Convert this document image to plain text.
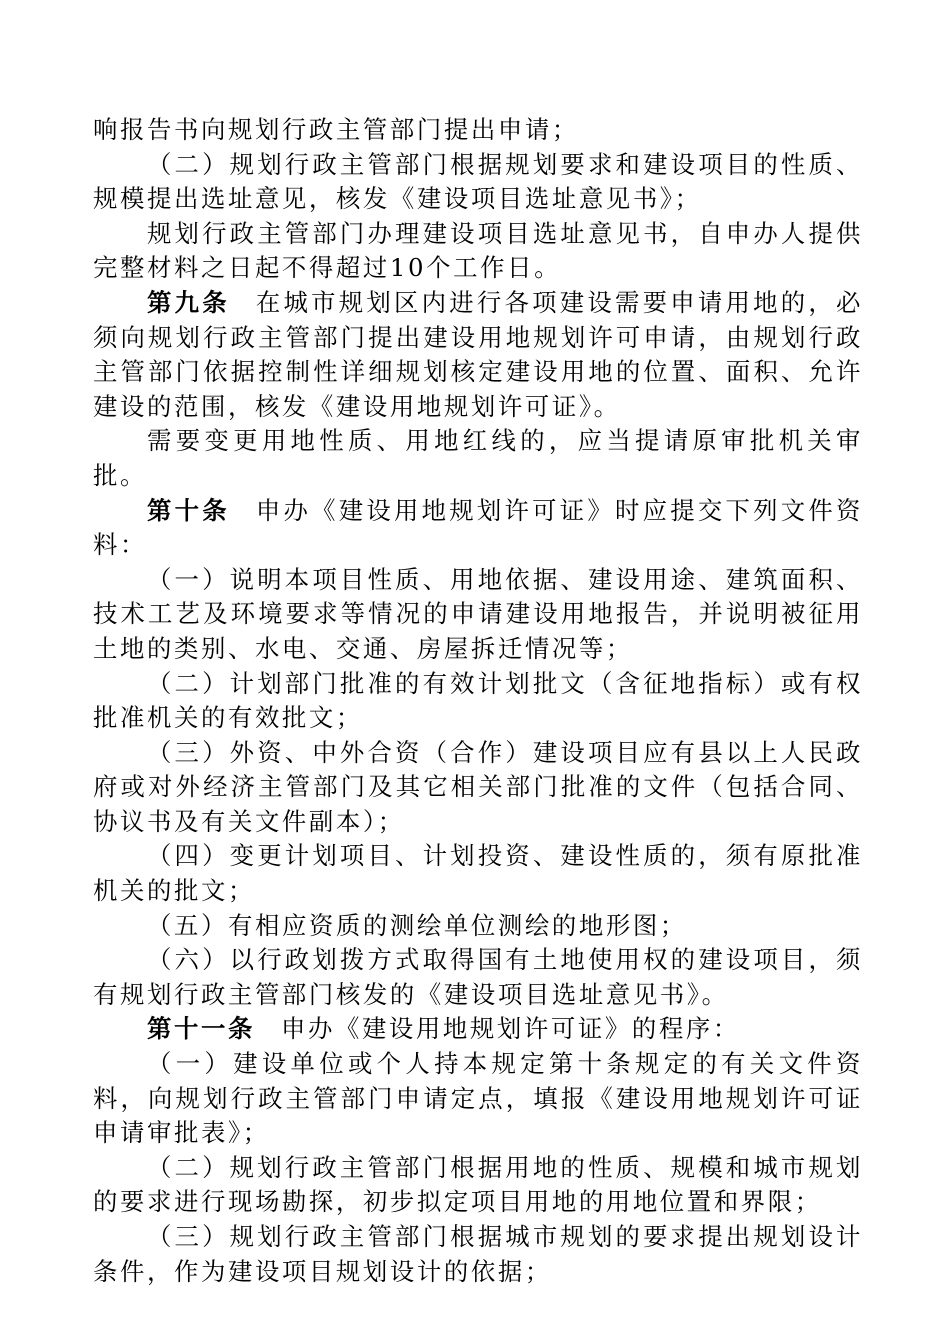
响报告书向规划行政主管部门提出申请；

（二）规划行政主管部门根据规划要求和建设项目的性质、规模提出选址意见，核发《建设项目选址意见书》；

规划行政主管部门办理建设项目选址意见书，自申办人提供完整材料之日起不得超过10个工作日。

第九条 在城市规划区内进行各项建设需要申请用地的，必须向规划行政主管部门提出建设用地规划许可申请，由规划行政主管部门依据控制性详细规划核定建设用地的位置、面积、允许建设的范围，核发《建设用地规划许可证》。

需要变更用地性质、用地红线的，应当提请原审批机关审批。

第十条 申办《建设用地规划许可证》时应提交下列文件资料：

（一）说明本项目性质、用地依据、建设用途、建筑面积、技术工艺及环境要求等情况的申请建设用地报告，并说明被征用土地的类别、水电、交通、房屋拆迁情况等；

（二）计划部门批准的有效计划批文（含征地指标）或有权批准机关的有效批文；

（三）外资、中外合资（合作）建设项目应有县以上人民政府或对外经济主管部门及其它相关部门批准的文件（包括合同、协议书及有关文件副本）；

（四）变更计划项目、计划投资、建设性质的，须有原批准机关的批文；

（五）有相应资质的测绘单位测绘的地形图；

（六）以行政划拨方式取得国有土地使用权的建设项目，须有规划行政主管部门核发的《建设项目选址意见书》。

第十一条 申办《建设用地规划许可证》的程序：

（一）建设单位或个人持本规定第十条规定的有关文件资料，向规划行政主管部门申请定点，填报《建设用地规划许可证申请审批表》；

（二）规划行政主管部门根据用地的性质、规模和城市规划的要求进行现场勘探，初步拟定项目用地的用地位置和界限；

（三）规划行政主管部门根据城市规划的要求提出规划设计条件，作为建设项目规划设计的依据；
